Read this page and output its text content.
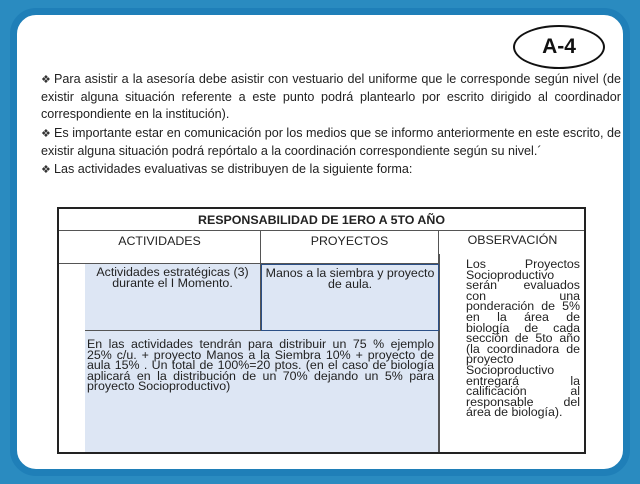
A-4

❖ Para asistir a la asesoría debe asistir con vestuario del uniforme que le corresponde según nivel (de existir alguna situación referente a este punto podrá plantearlo por escrito dirigido al coordinador correspondiente en la institución).

❖ Es importante estar en comunicación por los medios que se informo anteriormente en este escrito, de existir alguna situación podrá repórtalo a la coordinación correspondiente según su nivel.´

❖ Las actividades evaluativas se distribuyen de la siguiente forma:

RESPONSABILIDAD DE 1ERO A 5TO AÑO
ACTIVIDADES	PROYECTOS	OBSERVACIÓN
Actividades estratégicas (3) durante el I Momento.
Manos a la siembra y proyecto de aula.
En las actividades tendrán para distribuir un 75 % ejemplo 25% c/u. + proyecto Manos a la Siembra 10% + proyecto de aula 15% . Un total de 100%=20 ptos. (en el caso de biología aplicará en la distribución de un 70% dejando un 5% para proyecto Socioproductivo)
Los Proyectos Socioproductivo serán evaluados con una ponderación de 5% en la área de biología de cada sección de 5to año (la coordinadora de proyecto Socioproductivo entregará la calificación al responsable del área de biología).
